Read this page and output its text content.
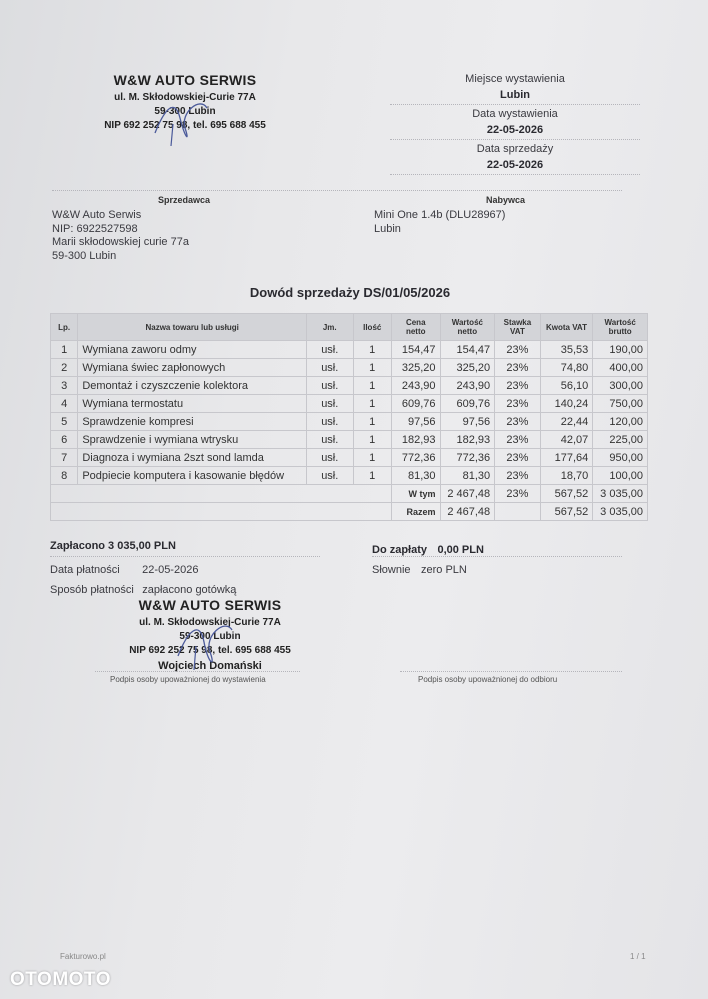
W&W AUTO SERWIS
ul. M. Skłodowskiej-Curie 77A
59-300 Lubin
NIP 692 252 75 98, tel. 695 688 455
Miejsce wystawienia
Lubin
Data wystawienia
22-05-2026
Data sprzedaży
22-05-2026
Sprzedawca	Nabywca
W&W Auto Serwis
NIP: 6922527598
Marii skłodowskiej curie 77a
59-300 Lubin
Mini One 1.4b (DLU28967)
Lubin
Dowód sprzedaży DS/01/05/2026
Lp.	Nazwa towaru lub usługi	Jm.	Ilość	Cena netto	Wartość netto	Stawka VAT	Kwota VAT	Wartość brutto
1	Wymiana zaworu odmy	usł.	1	154,47	154,47	23%	35,53	190,00
2	Wymiana świec zapłonowych	usł.	1	325,20	325,20	23%	74,80	400,00
3	Demontaż i czyszczenie kolektora	usł.	1	243,90	243,90	23%	56,10	300,00
4	Wymiana termostatu	usł.	1	609,76	609,76	23%	140,24	750,00
5	Sprawdzenie kompresi	usł.	1	97,56	97,56	23%	22,44	120,00
6	Sprawdzenie i wymiana wtrysku	usł.	1	182,93	182,93	23%	42,07	225,00
7	Diagnoza i wymiana 2szt sond lamda	usł.	1	772,36	772,36	23%	177,64	950,00
8	Podpiecie komputera i kasowanie błędów	usł.	1	81,30	81,30	23%	18,70	100,00
				W tym	2 467,48	23%	567,52	3 035,00
				Razem	2 467,48		567,52	3 035,00
Zapłacono 3 035,00 PLN	Do zapłaty 0,00 PLN
Data płatności 22-05-2026	Słownie zero PLN
Sposób płatności zapłacono gotówką
W&W AUTO SERWIS
ul. M. Skłodowskiej-Curie 77A
59-300 Lubin
NIP 692 252 75 98, tel. 695 688 455
Wojciech Domański
Podpis osoby upoważnionej do wystawienia	Podpis osoby upoważnionej do odbioru
Fakturowo.pl	1 / 1
OTOMOTO
